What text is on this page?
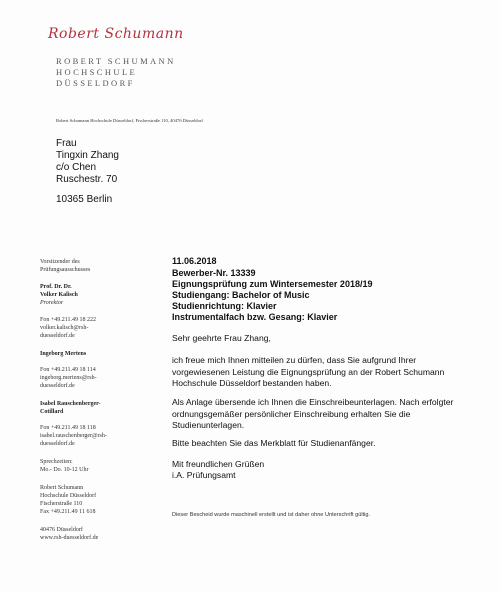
Robert Schumann
ROBERT SCHUMANN
HOCHSCHULE
DÜSSELDORF
Robert Schumann Hochschule Düsseldorf, Fischerstraße 110, 40476 Düsseldorf
Frau
Tingxin Zhang
c/o Chen
Ruschestr. 70
10365 Berlin
Vorsitzender des
Prüfungsausschusses
Prof. Dr. Dr.
Volker Kalisch
Prorektor
Fon +49.211.49 18 222
volker.kalisch@rsh-
duesseldorf.de
Ingeborg Mertens
Fon +49.211.49 18 114
ingeborg.mertens@rsh-
duesseldorf.de
Isabel Rauschenberger-
Cotillard
Fon +49.211.49 18 118
isabel.rauschenberger@rsh-
duesseldorf.de
Sprechzeiten:
Mo.- Do. 10-12 Uhr
Robert Schumann
Hochschule Düsseldorf
Fischerstraße 110
Fax +49.211.49 11 618
40476 Düsseldorf
www.rsh-duesseldorf.de
11.06.2018
Bewerber-Nr. 13339
Eignungsprüfung zum Wintersemester 2018/19
Studiengang: Bachelor of Music
Studienrichtung: Klavier
Instrumentalfach bzw. Gesang: Klavier
Sehr geehrte Frau Zhang,
ich freue mich Ihnen mitteilen zu dürfen, dass Sie aufgrund Ihrer vorgewiesenen Leistung die Eignungsprüfung an der Robert Schumann Hochschule Düsseldorf bestanden haben.
Als Anlage übersende ich Ihnen die Einschreibeunterlagen. Nach erfolgter ordnungsgemäßer persönlicher Einschreibung erhalten Sie die Studienunterlagen.
Bitte beachten Sie das Merkblatt für Studienanfänger.
Mit freundlichen Grüßen
i.A. Prüfungsamt
Dieser Bescheid wurde maschinell erstellt und ist daher ohne Unterschrift gültig.
